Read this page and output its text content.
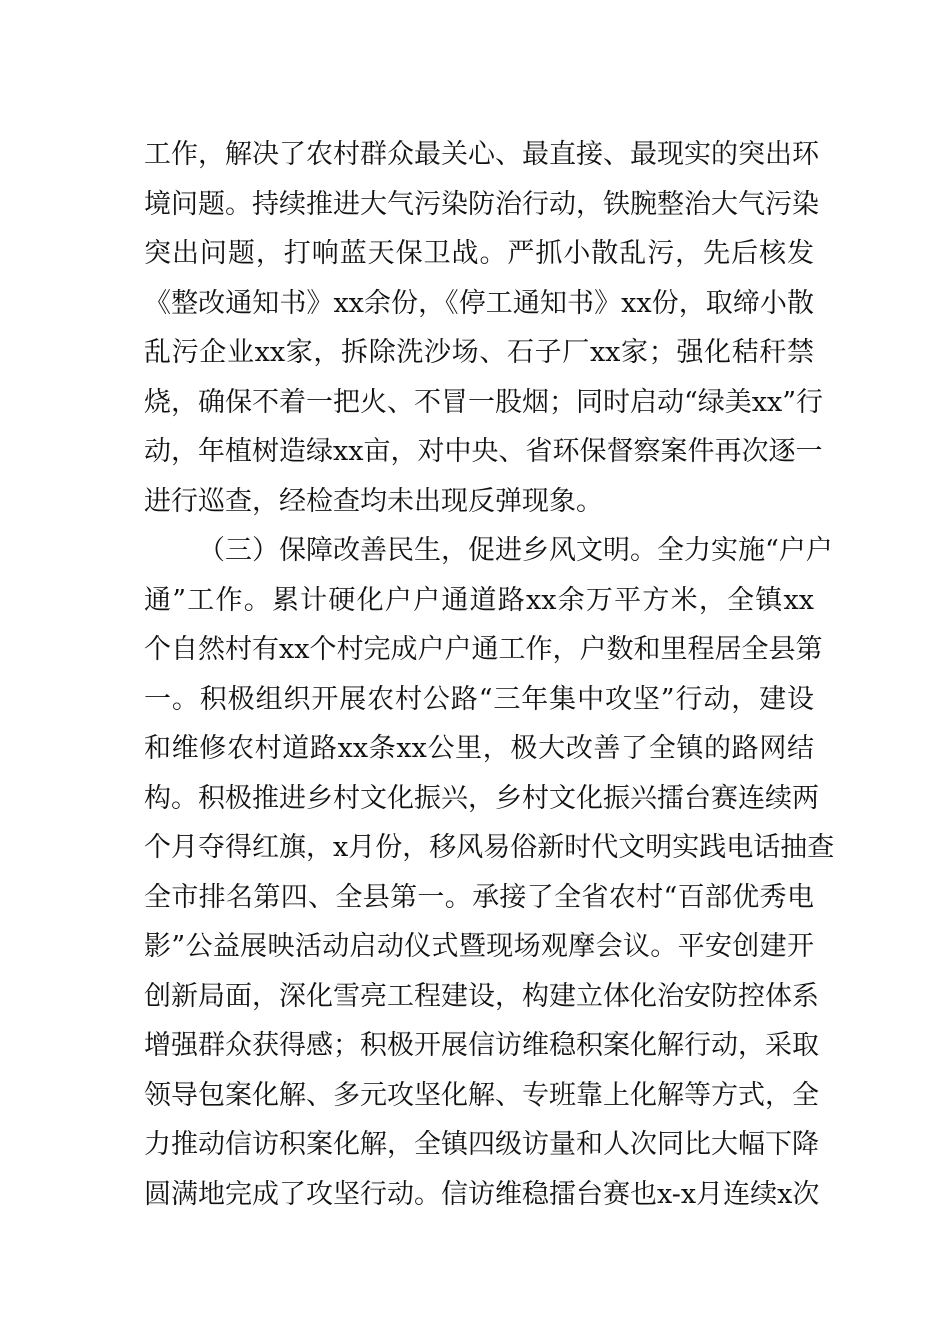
工作，解决了农村群众最关心、最直接、最现实的突出环
境问题。持续推进大气污染防治行动，铁腕整治大气污染
突出问题，打响蓝天保卫战。严抓小散乱污，先后核发
《整改通知书》xx余份，《停工通知书》xx份，取缔小散
乱污企业xx家，拆除洗沙场、石子厂xx家；强化秸秆禁
烧，确保不着一把火、不冒一股烟；同时启动“绿美xx”行
动，年植树造绿xx亩，对中央、省环保督察案件再次逐一
进行巡查，经检查均未出现反弹现象。
（三）保障改善民生，促进乡风文明。全力实施“户户
通”工作。累计硬化户户通道路xx余万平方米，全镇xx
个自然村有xx个村完成户户通工作，户数和里程居全县第
一。积极组织开展农村公路“三年集中攻坚”行动，建设
和维修农村道路xx条xx公里，极大改善了全镇的路网结
构。积极推进乡村文化振兴，乡村文化振兴擂台赛连续两
个月夺得红旗，x月份，移风易俗新时代文明实践电话抽查
全市排名第四、全县第一。承接了全省农村“百部优秀电
影”公益展映活动启动仪式暨现场观摩会议。平安创建开
创新局面，深化雪亮工程建设，构建立体化治安防控体系
增强群众获得感；积极开展信访维稳积案化解行动，采取
领导包案化解、多元攻坚化解、专班靠上化解等方式，全
力推动信访积案化解，全镇四级访量和人次同比大幅下降
圆满地完成了攻坚行动。信访维稳擂台赛也x-x月连续x次
